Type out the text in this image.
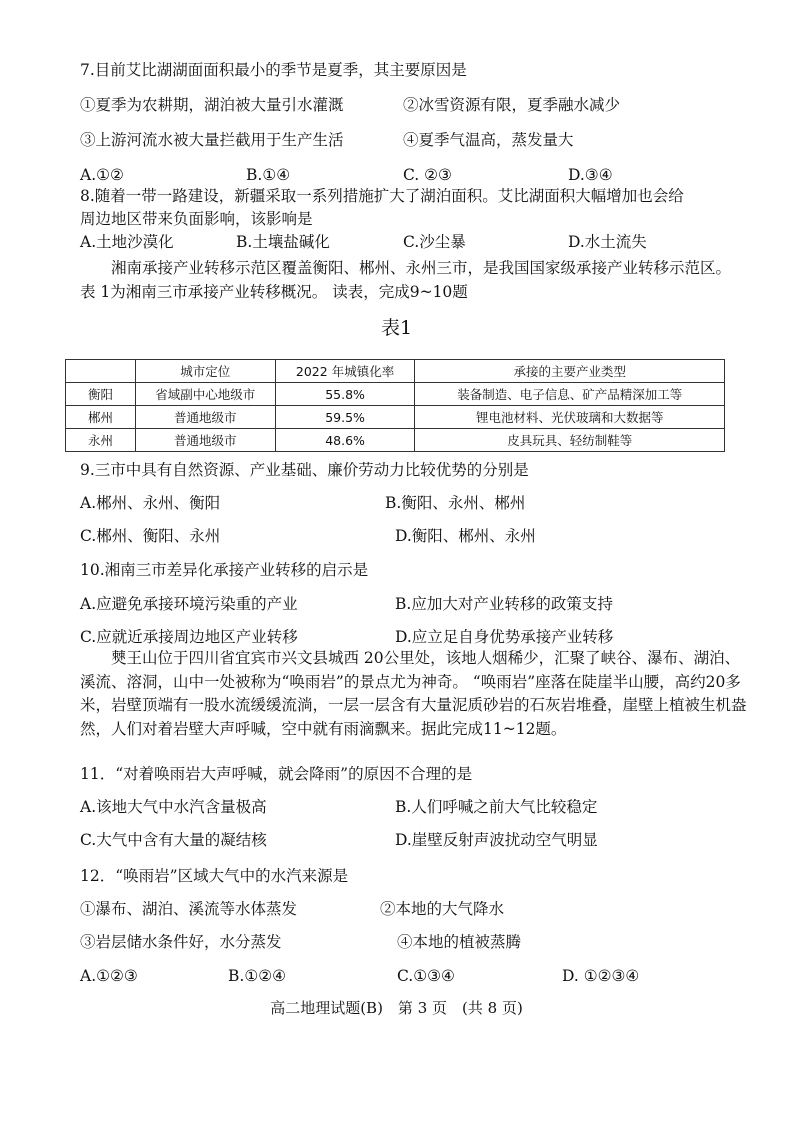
7.目前艾比湖湖面面积最小的季节是夏季，其主要原因是
①夏季为农耕期，湖泊被大量引水灌溉	②冰雪资源有限，夏季融水减少
③上游河流水被大量拦截用于生产生活	④夏季气温高，蒸发量大
A.①②	B.①④	C. ②③	D.③④
8.随着一带一路建设，新疆采取一系列措施扩大了湖泊面积。艾比湖面积大幅增加也会给
周边地区带来负面影响，该影响是
A.土地沙漠化	B.土壤盐碱化	C.沙尘暴	D.水土流失
湘南承接产业转移示范区覆盖衡阳、郴州、永州三市，是我国国家级承接产业转移示范区。表 1为湘南三市承接产业转移概况。 读表，完成9~10题
表1
	城市定位	2022 年城镇化率	承接的主要产业类型
衡阳	省域副中心地级市	55.8%	装备制造、电子信息、矿产品精深加工等
郴州	普通地级市	59.5%	锂电池材料、光伏玻璃和大数据等
永州	普通地级市	48.6%	皮具玩具、轻纺制鞋等
9.三市中具有自然资源、产业基础、廉价劳动力比较优势的分别是
A.郴州、永州、衡阳	B.衡阳、永州、郴州
C.郴州、衡阳、永州	D.衡阳、郴州、永州
10.湘南三市差异化承接产业转移的启示是
A.应避免承接环境污染重的产业	B.应加大对产业转移的政策支持
C.应就近承接周边地区产业转移	D.应立足自身优势承接产业转移
僰王山位于四川省宜宾市兴文县城西 20公里处，该地人烟稀少，汇聚了峡谷、瀑布、湖泊、溪流、溶洞，山中一处被称为“唤雨岩”的景点尤为神奇。 “唤雨岩”座落在陡崖半山腰，高约20多米，岩壁顶端有一股水流缓缓流淌，一层一层含有大量泥质砂岩的石灰岩堆叠，崖壁上植被生机盎然，人们对着岩壁大声呼喊，空中就有雨滴飘来。据此完成11~12题。
11．“对着唤雨岩大声呼喊，就会降雨”的原因不合理的是
A.该地大气中水汽含量极高	B.人们呼喊之前大气比较稳定
C.大气中含有大量的凝结核	D.崖壁反射声波扰动空气明显
12．“唤雨岩”区域大气中的水汽来源是
①瀑布、湖泊、溪流等水体蒸发	②本地的大气降水
③岩层储水条件好，水分蒸发	④本地的植被蒸腾
A.①②③	B.①②④	C.①③④	D. ①②③④
高二地理试题(B)　第 3 页　(共 8 页)
